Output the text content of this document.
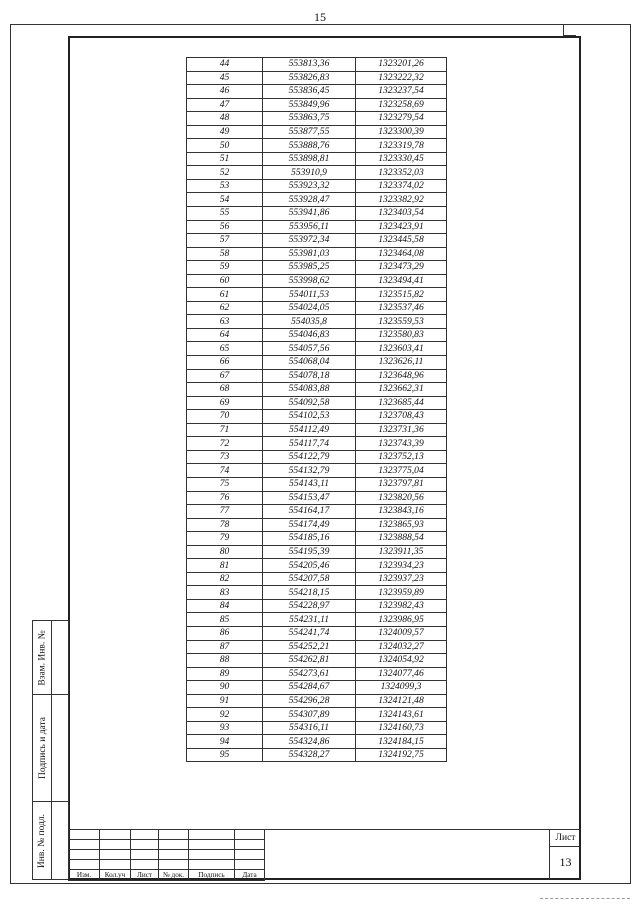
15
44	553813,36	1323201,26
45	553826,83	1323222,32
46	553836,45	1323237,54
47	553849,96	1323258,69
48	553863,75	1323279,54
49	553877,55	1323300,39
50	553888,76	1323319,78
51	553898,81	1323330,45
52	553910,9	1323352,03
53	553923,32	1323374,02
54	553928,47	1323382,92
55	553941,86	1323403,54
56	553956,11	1323423,91
57	553972,34	1323445,58
58	553981,03	1323464,08
59	553985,25	1323473,29
60	553998,62	1323494,41
61	554011,53	1323515,82
62	554024,05	1323537,46
63	554035,8	1323559,53
64	554046,83	1323580,83
65	554057,56	1323603,41
66	554068,04	1323626,11
67	554078,18	1323648,96
68	554083,88	1323662,31
69	554092,58	1323685,44
70	554102,53	1323708,43
71	554112,49	1323731,36
72	554117,74	1323743,39
73	554122,79	1323752,13
74	554132,79	1323775,04
75	554143,11	1323797,81
76	554153,47	1323820,56
77	554164,17	1323843,16
78	554174,49	1323865,93
79	554185,16	1323888,54
80	554195,39	1323911,35
81	554205,46	1323934,23
82	554207,58	1323937,23
83	554218,15	1323959,89
84	554228,97	1323982,43
85	554231,11	1323986,95
86	554241,74	1324009,57
87	554252,21	1324032,27
88	554262,81	1324054,92
89	554273,61	1324077,46
90	554284,67	1324099,3
91	554296,28	1324121,48
92	554307,89	1324143,61
93	554316,11	1324160,73
94	554324,86	1324184,15
95	554328,27	1324192,75
Взам. Инв. №
Подпись и дата
Инв. № подл.

Изм.	Кол.уч	Лист	№ док.	Подпись	Дата
Лист
13
